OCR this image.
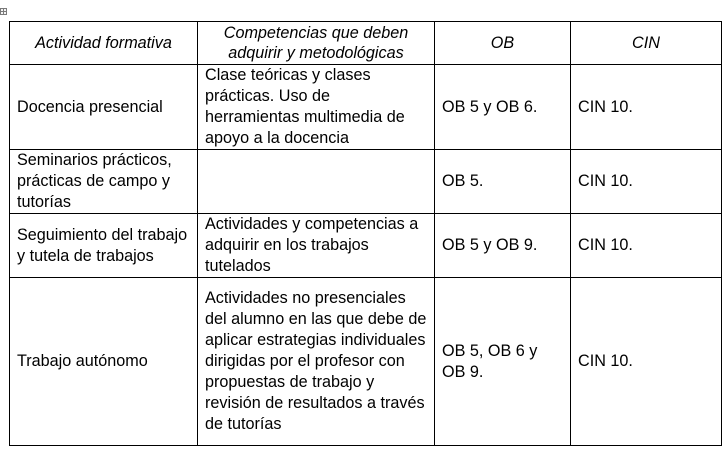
Actividad formativa	Competencias que deben adquirir y metodológicas	OB	CIN
Docencia presencial	Clase teóricas y clases prácticas. Uso de herramientas multimedia de apoyo a la docencia	OB 5 y OB 6.	CIN 10.
Seminarios prácticos, prácticas de campo y tutorías		OB 5.	CIN 10.
Seguimiento del trabajo y tutela de trabajos	Actividades y competencias a adquirir en los trabajos tutelados	OB 5 y OB 9.	CIN 10.
Trabajo autónomo	Actividades no presenciales del alumno en las que debe de aplicar estrategias individuales dirigidas por el profesor con propuestas de trabajo y revisión de resultados a través de tutorías	OB 5, OB 6 y OB 9.	CIN 10.
